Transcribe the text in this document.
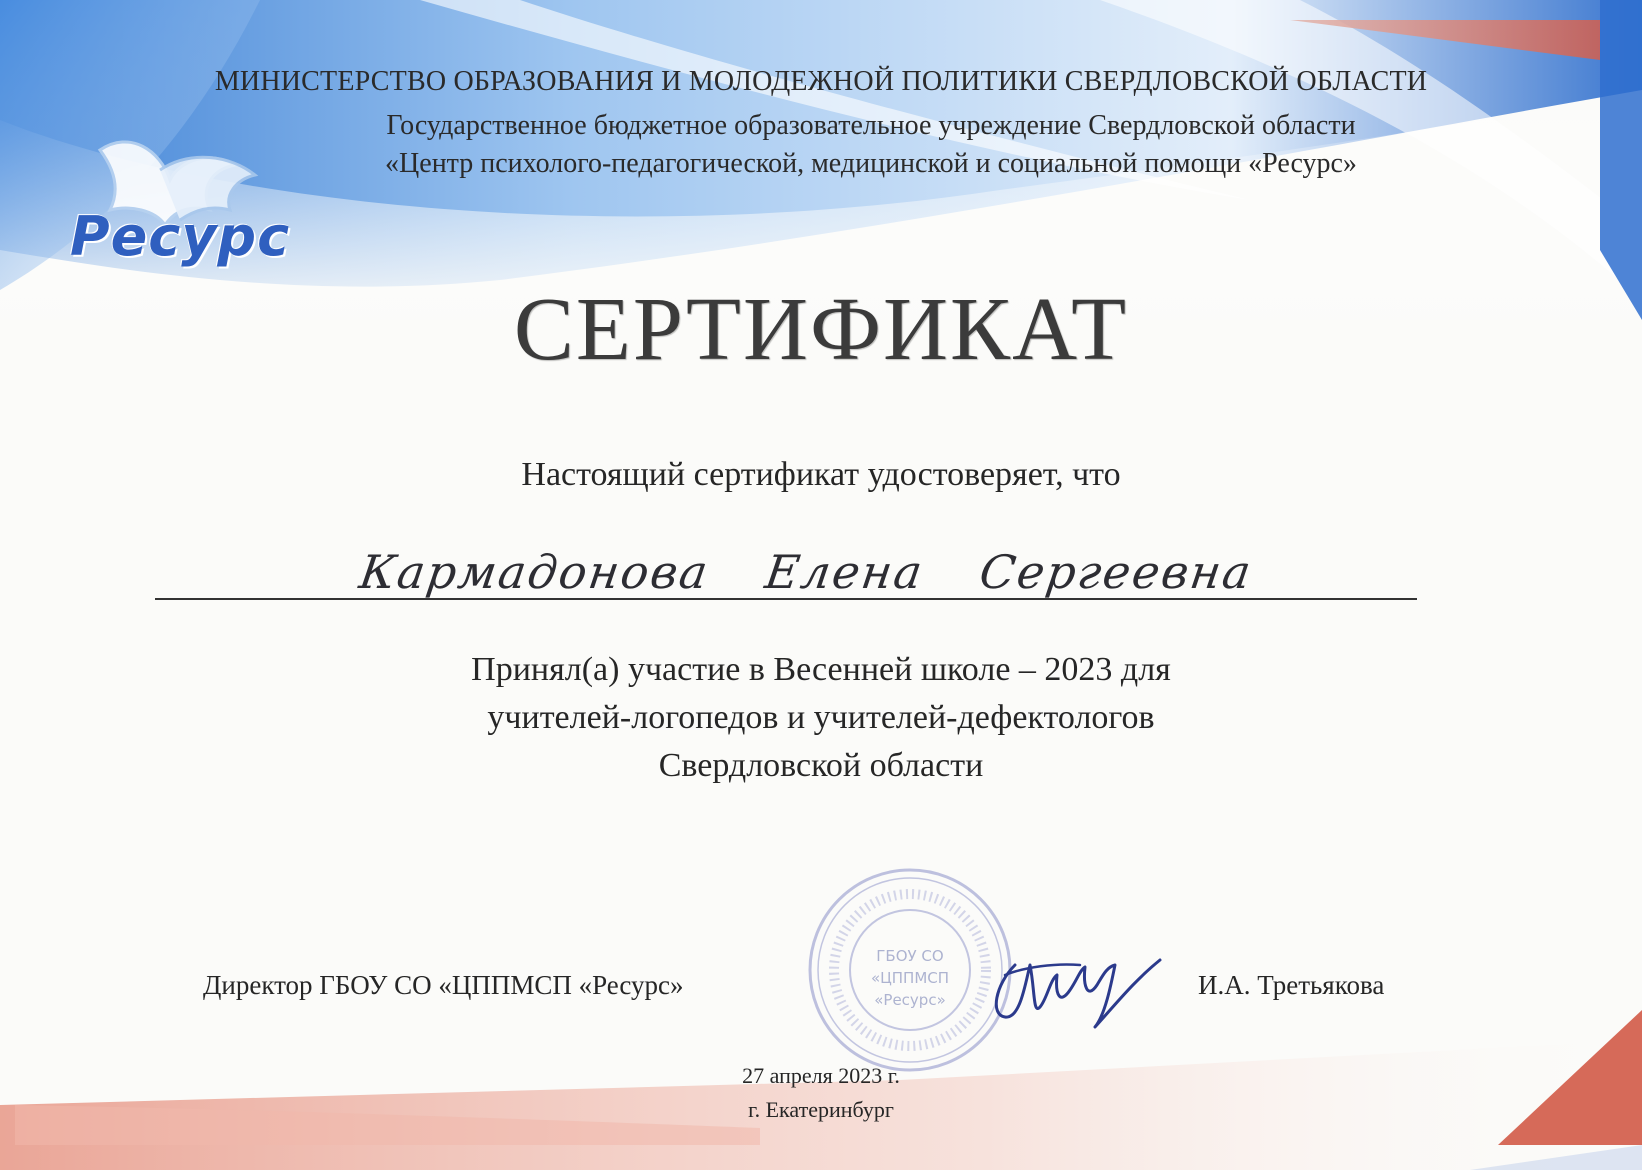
Ресурс
МИНИСТЕРСТВО ОБРАЗОВАНИЯ И МОЛОДЕЖНОЙ ПОЛИТИКИ СВЕРДЛОВСКОЙ ОБЛАСТИ
Государственное бюджетное образовательное учреждение Свердловской области
«Центр психолого-педагогической, медицинской и социальной помощи «Ресурс»
СЕРТИФИКАТ
Настоящий сертификат удостоверяет, что
Кармадонова Елена Сергеевна
Принял(а) участие в Весенней школе – 2023 для
учителей-логопедов и учителей-дефектологов
Свердловской области
ГБОУ СО
«ЦППМСП
«Ресурс»
Директор ГБОУ СО «ЦППМСП «Ресурс»	И.А. Третьякова
27 апреля 2023 г.
г. Екатеринбург
